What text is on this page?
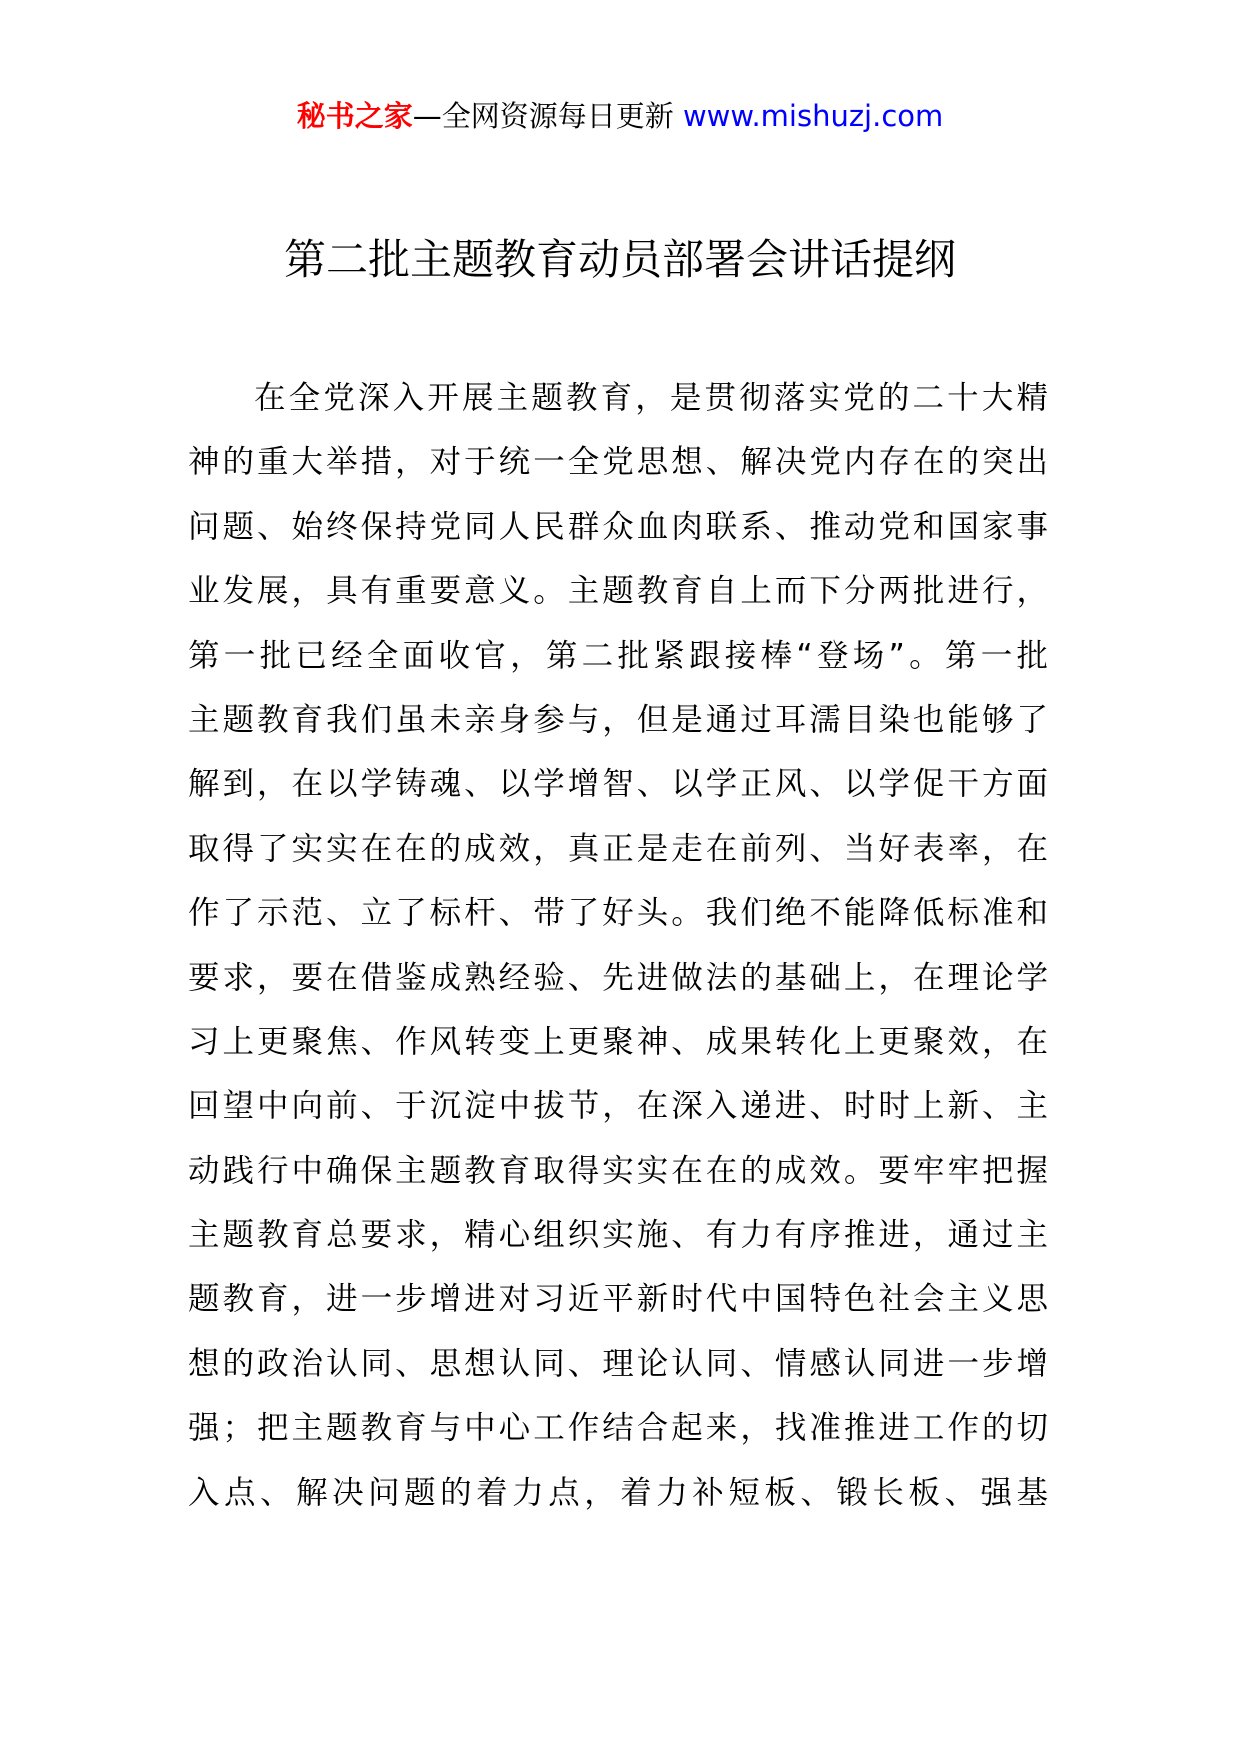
秘书之家—全网资源每日更新 www.mishuzj.com
第二批主题教育动员部署会讲话提纲
在全党深入开展主题教育，是贯彻落实党的二十大精
神的重大举措，对于统一全党思想、解决党内存在的突出
问题、始终保持党同人民群众血肉联系、推动党和国家事
业发展，具有重要意义。主题教育自上而下分两批进行，
第一批已经全面收官，第二批紧跟接棒“登场”。第一批
主题教育我们虽未亲身参与，但是通过耳濡目染也能够了
解到，在以学铸魂、以学增智、以学正风、以学促干方面
取得了实实在在的成效，真正是走在前列、当好表率，在
作了示范、立了标杆、带了好头。我们绝不能降低标准和
要求，要在借鉴成熟经验、先进做法的基础上，在理论学
习上更聚焦、作风转变上更聚神、成果转化上更聚效，在
回望中向前、于沉淀中拔节，在深入递进、时时上新、主
动践行中确保主题教育取得实实在在的成效。要牢牢把握
主题教育总要求，精心组织实施、有力有序推进，通过主
题教育，进一步增进对习近平新时代中国特色社会主义思
想的政治认同、思想认同、理论认同、情感认同进一步增
强；把主题教育与中心工作结合起来，找准推进工作的切
入点、解决问题的着力点，着力补短板、锻长板、强基
